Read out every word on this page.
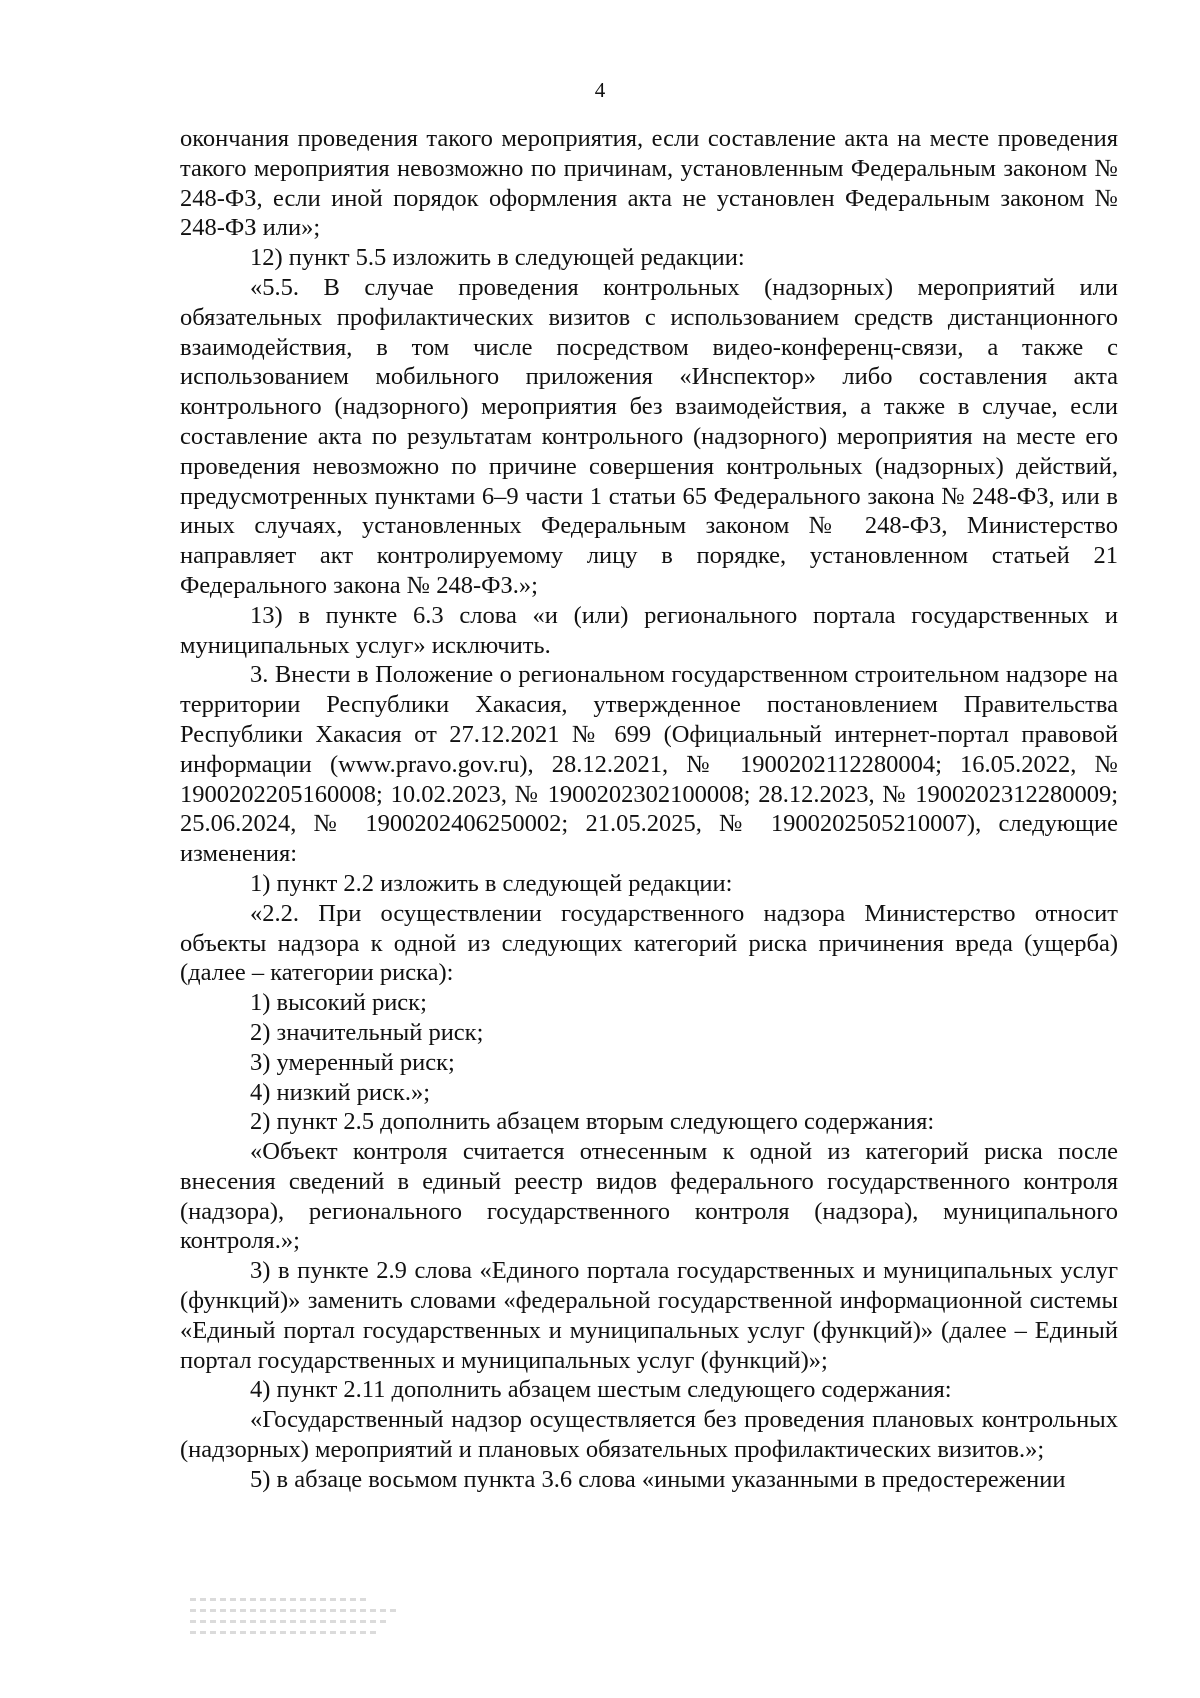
4

окончания проведения такого мероприятия, если составление акта на месте проведения такого мероприятия невозможно по причинам, установленным Федеральным законом № 248-ФЗ, если иной порядок оформления акта не установлен Федеральным законом № 248-ФЗ или»;

12) пункт 5.5 изложить в следующей редакции:

«5.5. В случае проведения контрольных (надзорных) мероприятий или обязательных профилактических визитов с использованием средств дистанционного взаимодействия, в том числе посредством видео-конференц-связи, а также с использованием мобильного приложения «Инспектор» либо составления акта контрольного (надзорного) мероприятия без взаимодействия, а также в случае, если составление акта по результатам контрольного (надзорного) мероприятия на месте его проведения невозможно по причине совершения контрольных (надзорных) действий, предусмотренных пунктами 6–9 части 1 статьи 65 Федерального закона № 248-ФЗ, или в иных случаях, установленных Федеральным законом № 248-ФЗ, Министерство направляет акт контролируемому лицу в порядке, установленном статьей 21 Федерального закона № 248-ФЗ.»;

13) в пункте 6.3 слова «и (или) регионального портала государственных и муниципальных услуг» исключить.

3. Внести в Положение о региональном государственном строительном надзоре на территории Республики Хакасия, утвержденное постановлением Правительства Республики Хакасия от 27.12.2021 № 699 (Официальный интернет-портал правовой информации (www.pravo.gov.ru), 28.12.2021, № 1900202112280004; 16.05.2022, № 1900202205160008; 10.02.2023, № 1900202302100008; 28.12.2023, № 1900202312280009; 25.06.2024, № 1900202406250002; 21.05.2025, № 1900202505210007), следующие изменения:

1) пункт 2.2 изложить в следующей редакции:

«2.2. При осуществлении государственного надзора Министерство относит объекты надзора к одной из следующих категорий риска причинения вреда (ущерба) (далее – категории риска):

1) высокий риск;

2) значительный риск;

3) умеренный риск;

4) низкий риск.»;

2) пункт 2.5 дополнить абзацем вторым следующего содержания:

«Объект контроля считается отнесенным к одной из категорий риска после внесения сведений в единый реестр видов федерального государственного контроля (надзора), регионального государственного контроля (надзора), муниципального контроля.»;

3) в пункте 2.9 слова «Единого портала государственных и муниципальных услуг (функций)» заменить словами «федеральной государственной информационной системы «Единый портал государственных и муниципальных услуг (функций)» (далее – Единый портал государственных и муниципальных услуг (функций)»;

4) пункт 2.11 дополнить абзацем шестым следующего содержания:

«Государственный надзор осуществляется без проведения плановых контрольных (надзорных) мероприятий и плановых обязательных профилактических визитов.»;

5) в абзаце восьмом пункта 3.6 слова «иными указанными в предостережении
